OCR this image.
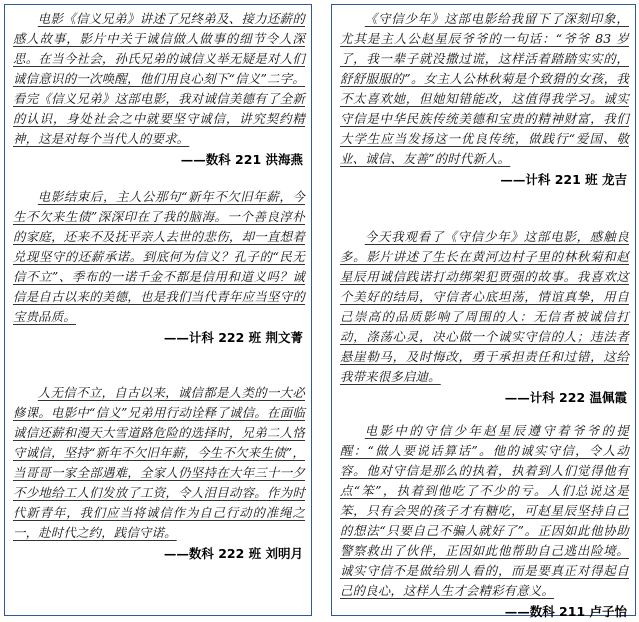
电影《信义兄弟》讲述了兄终弟及、接力还薪的感人故事，影片中关于诚信做人做事的细节令人深思。在当今社会，孙氏兄弟的诚信义举无疑是对人们诚信意识的一次唤醒，他们用良心刻下“信义”二字。看完《信义兄弟》这部电影，我对诚信美德有了全新的认识，身处社会之中就要坚守诚信，讲究契约精神，这是对每个当代人的要求。

——数科 221 洪海燕

电影结束后，主人公那句“新年不欠旧年薪，今生不欠来生债”深深印在了我的脑海。一个善良淳朴的家庭，还来不及抚平亲人去世的悲伤，却一直想着兑现坚守的还薪承诺。到底何为信义？孔子的“民无信不立”、季布的一诺千金不都是信用和道义吗？诚信是自古以来的美德，也是我们当代青年应当坚守的宝贵品质。

——计科 222 班 荆文菁

人无信不立，自古以来，诚信都是人类的一大必修课。电影中“信义”兄弟用行动诠释了诚信。在面临诚信还薪和漫天大雪道路危险的选择时，兄弟二人恪守诚信，坚持“新年不欠旧年薪，今生不欠来生债”，当哥哥一家全部遇难，全家人仍坚持在大年三十一夕不少地给工人们发放了工资，令人泪目动容。作为时代新青年，我们应当将诚信作为自己行动的准绳之一，赴时代之约，践信守诺。

——数科 222 班 刘明月

《守信少年》这部电影给我留下了深刻印象，尤其是主人公赵星辰爷爷的一句话：“爷爷 83 岁了，我一辈子就没撒过谎，这样活着踏踏实实的，舒舒服服的”。女主人公林秋菊是个致猾的女孩，我不太喜欢她，但她知错能改，这值得我学习。诚实守信是中华民族传统美德和宝贵的精神财富，我们大学生应当发扬这一优良传统，做践行“爱国、敬业、诚信、友善”的时代新人。

——计科 221 班 龙吉

今天我观看了《守信少年》这部电影，感触良多。影片讲述了生长在黄河边村子里的林秋菊和赵星辰用诚信践诺打动绑架犯贾强的故事。我喜欢这个美好的结局，守信者心底坦荡，情谊真挚，用自己崇高的品质影响了周围的人：无信者被诚信打动，涤荡心灵，决心做一个诚实守信的人；违法者悬崖勒马，及时悔改，勇于承担责任和过错，这给我带来很多启迪。

——计科 222 温佩霞

电影中的守信少年赵星辰遵守着爷爷的提醒：“做人要说话算话”。他的诚实守信，令人动容。他对守信是那么的执着，执着到人们觉得他有点“笨”，执着到他吃了不少的亏。人们总说这是笨，只有会哭的孩子才有糖吃，可赵星辰坚持自己的想法“只要自己不骗人就好了”。正因如此他协助警察救出了伙伴，正因如此他帮助自己逃出险境。诚实守信不是做给别人看的，而是要真正对得起自己的良心，这样人生才会精彩有意义。

——数科 211 卢子怡
